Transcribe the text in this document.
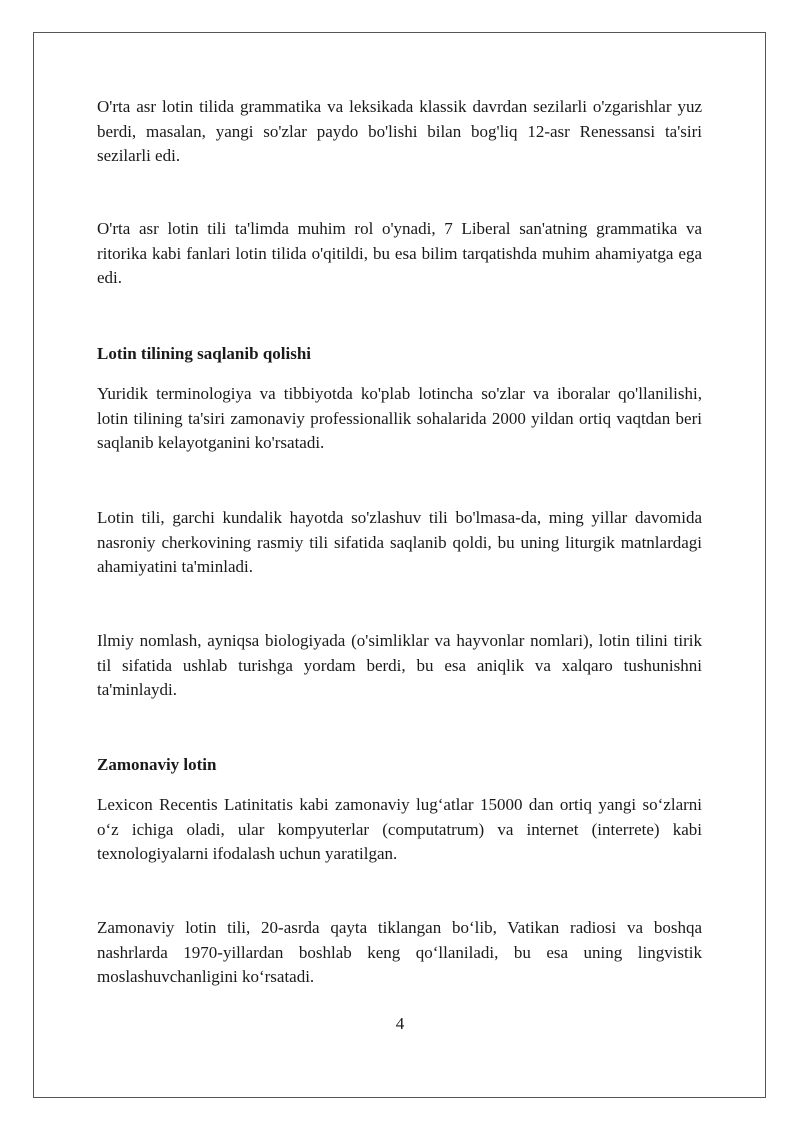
O'rta asr lotin tilida grammatika va leksikada klassik davrdan sezilarli o'zgarishlar yuz berdi, masalan, yangi so'zlar paydo bo'lishi bilan bog'liq 12-asr Renessansi ta'siri sezilarli edi.

O'rta asr lotin tili ta'limda muhim rol o'ynadi, 7 Liberal san'atning grammatika va ritorika kabi fanlari lotin tilida o'qitildi, bu esa bilim tarqatishda muhim ahamiyatga ega edi.

Lotin tilining saqlanib qolishi

Yuridik terminologiya va tibbiyotda ko'plab lotincha so'zlar va iboralar qo'llanilishi, lotin tilining ta'siri zamonaviy professionallik sohalarida 2000 yildan ortiq vaqtdan beri saqlanib kelayotganini ko'rsatadi.

Lotin tili, garchi kundalik hayotda so'zlashuv tili bo'lmasa-da, ming yillar davomida nasroniy cherkovining rasmiy tili sifatida saqlanib qoldi, bu uning liturgik matnlardagi ahamiyatini ta'minladi.

Ilmiy nomlash, ayniqsa biologiyada (o'simliklar va hayvonlar nomlari), lotin tilini tirik til sifatida ushlab turishga yordam berdi, bu esa aniqlik va xalqaro tushunishni ta'minlaydi.

Zamonaviy lotin

Lexicon Recentis Latinitatis kabi zamonaviy lug‘atlar 15000 dan ortiq yangi so‘zlarni o‘z ichiga oladi, ular kompyuterlar (computatrum) va internet (interrete) kabi texnologiyalarni ifodalash uchun yaratilgan.

Zamonaviy lotin tili, 20-asrda qayta tiklangan bo‘lib, Vatikan radiosi va boshqa nashrlarda 1970-yillardan boshlab keng qo‘llaniladi, bu esa uning lingvistik moslashuvchanligini ko‘rsatadi.

4
